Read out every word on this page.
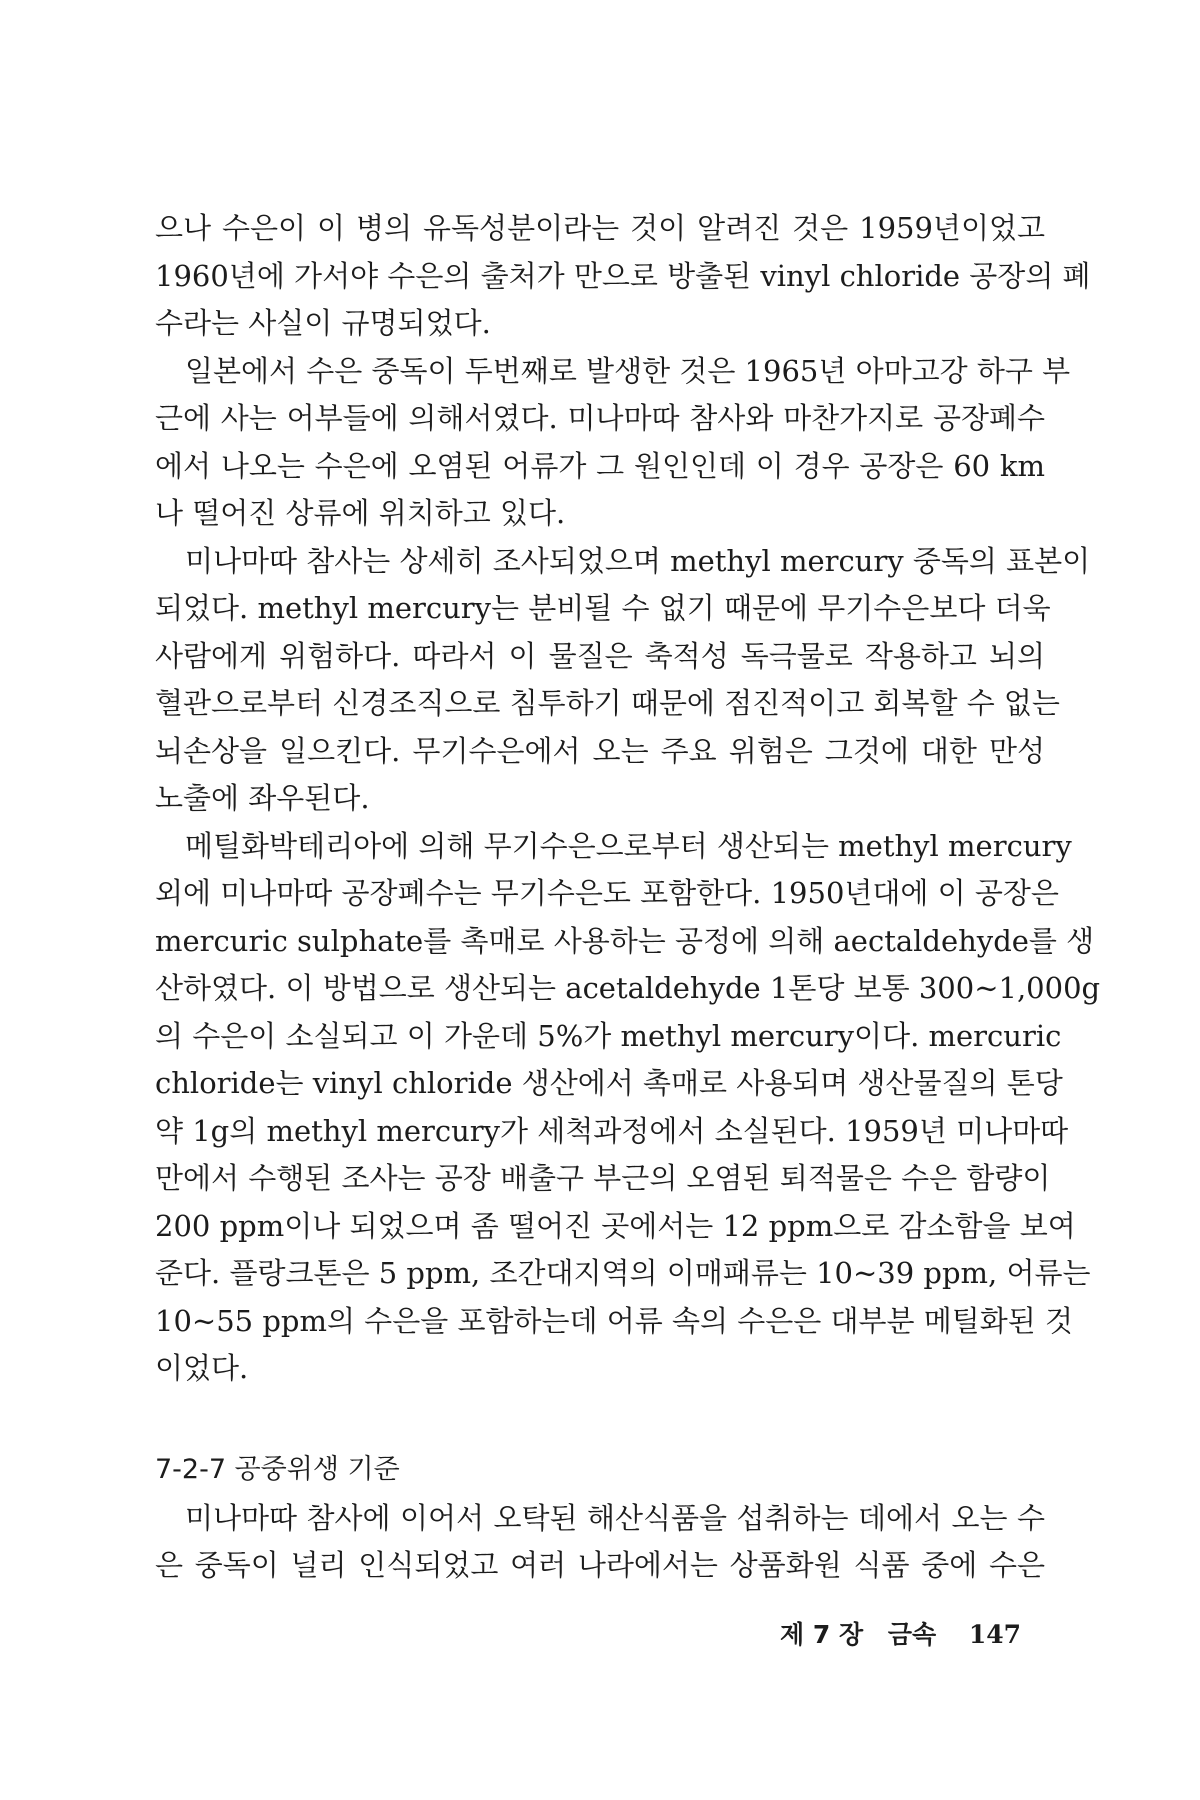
으나 수은이 이 병의 유독성분이라는 것이 알려진 것은 1959년이었고
1960년에 가서야 수은의 출처가 만으로 방출된 vinyl chloride 공장의 폐
수라는 사실이 규명되었다.
일본에서 수은 중독이 두번째로 발생한 것은 1965년 아마고강 하구 부
근에 사는 어부들에 의해서였다. 미나마따 참사와 마찬가지로 공장폐수
에서 나오는 수은에 오염된 어류가 그 원인인데 이 경우 공장은 60 km
나 떨어진 상류에 위치하고 있다.
미나마따 참사는 상세히 조사되었으며 methyl mercury 중독의 표본이
되었다. methyl mercury는 분비될 수 없기 때문에 무기수은보다 더욱
사람에게 위험하다. 따라서 이 물질은 축적성 독극물로 작용하고 뇌의
혈관으로부터 신경조직으로 침투하기 때문에 점진적이고 회복할 수 없는
뇌손상을 일으킨다. 무기수은에서 오는 주요 위험은 그것에 대한 만성
노출에 좌우된다.
메틸화박테리아에 의해 무기수은으로부터 생산되는 methyl mercury
외에 미나마따 공장폐수는 무기수은도 포함한다. 1950년대에 이 공장은
mercuric sulphate를 촉매로 사용하는 공정에 의해 aectaldehyde를 생
산하였다. 이 방법으로 생산되는 acetaldehyde 1톤당 보통 300∼1,000g
의 수은이 소실되고 이 가운데 5%가 methyl mercury이다. mercuric
chloride는 vinyl chloride 생산에서 촉매로 사용되며 생산물질의 톤당
약 1g의 methyl mercury가 세척과정에서 소실된다. 1959년 미나마따
만에서 수행된 조사는 공장 배출구 부근의 오염된 퇴적물은 수은 함량이
200 ppm이나 되었으며 좀 떨어진 곳에서는 12 ppm으로 감소함을 보여
준다. 플랑크톤은 5 ppm, 조간대지역의 이매패류는 10∼39 ppm, 어류는
10∼55 ppm의 수은을 포함하는데 어류 속의 수은은 대부분 메틸화된 것
이었다.
7-2-7 공중위생 기준
미나마따 참사에 이어서 오탁된 해산식품을 섭취하는 데에서 오는 수
은 중독이 널리 인식되었고 여러 나라에서는 상품화원 식품 중에 수은
제 7 장 금속 147
